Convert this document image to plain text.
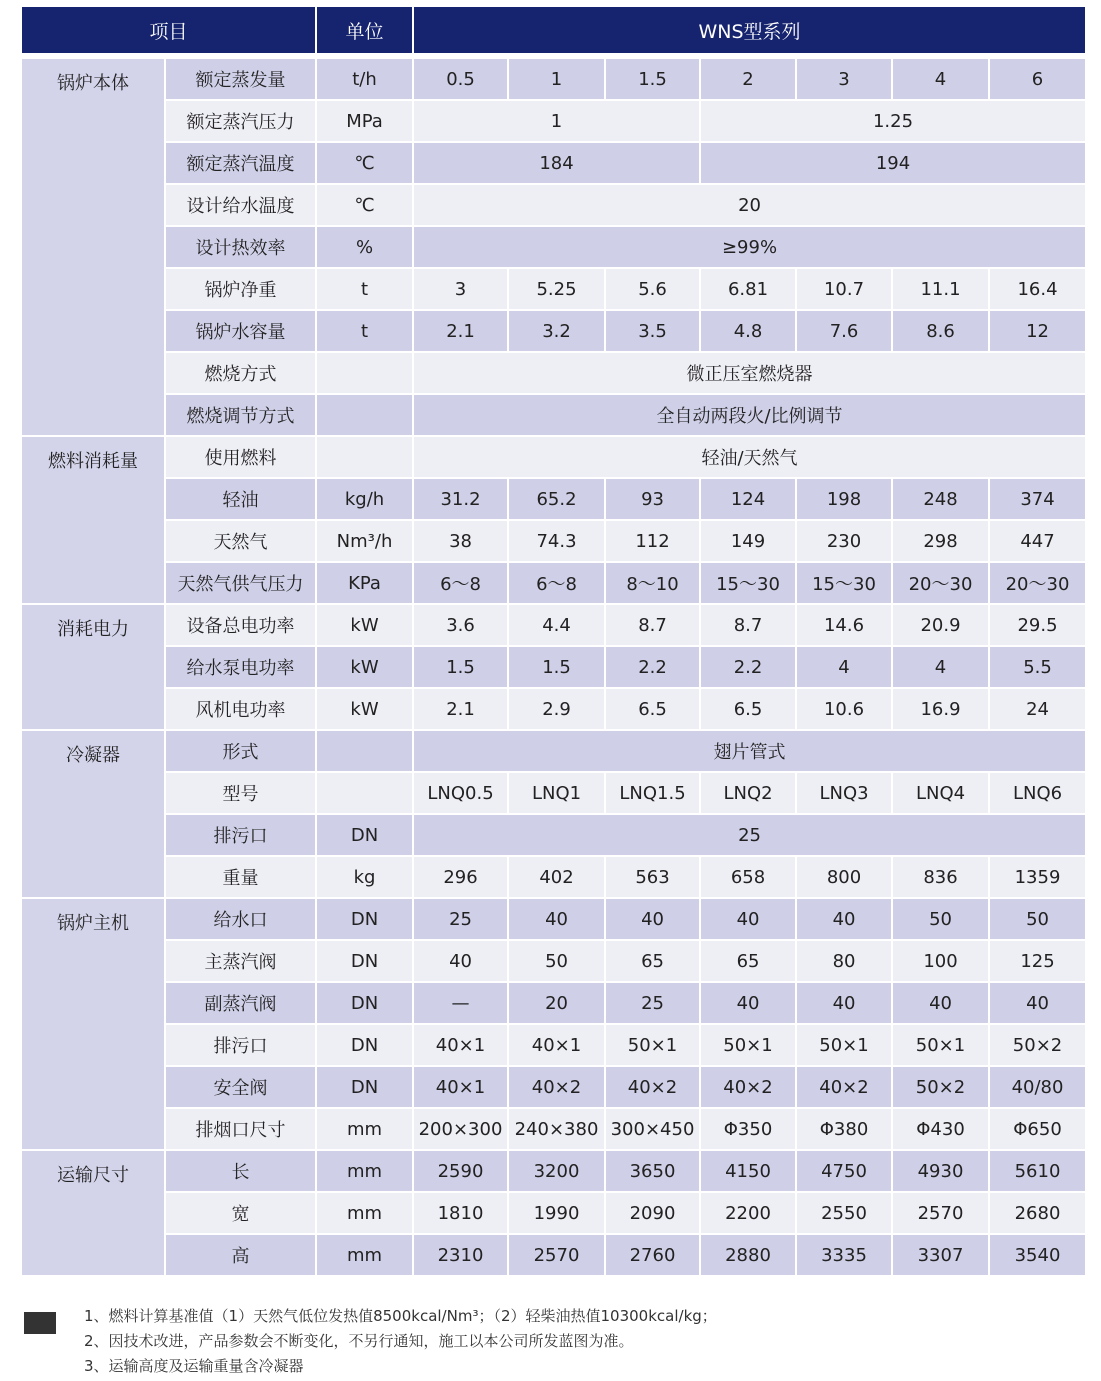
项目		单位	WNS型系列						
锅炉本体	额定蒸发量	t/h	0.5	1	1.5	2	3	4	6
	额定蒸汽压力	MPa	1			1.25			
	额定蒸汽温度	℃	184			194			
	设计给水温度	℃	20						
	设计热效率	%	≥99%						
	锅炉净重	t	3	5.25	5.6	6.81	10.7	11.1	16.4
	锅炉水容量	t	2.1	3.2	3.5	4.8	7.6	8.6	12
	燃烧方式		微正压室燃烧器						
	燃烧调节方式		全自动两段火/比例调节						
燃料消耗量	使用燃料		轻油/天然气						
	轻油	kg/h	31.2	65.2	93	124	198	248	374
	天然气	Nm³/h	38	74.3	112	149	230	298	447
	天然气供气压力	KPa	6～8	6～8	8～10	15～30	15～30	20～30	20～30
消耗电力	设备总电功率	kW	3.6	4.4	8.7	8.7	14.6	20.9	29.5
	给水泵电功率	kW	1.5	1.5	2.2	2.2	4	4	5.5
	风机电功率	kW	2.1	2.9	6.5	6.5	10.6	16.9	24
冷凝器	形式		翅片管式						
	型号		LNQ0.5	LNQ1	LNQ1.5	LNQ2	LNQ3	LNQ4	LNQ6
	排污口	DN	25						
	重量	kg	296	402	563	658	800	836	1359
锅炉主机	给水口	DN	25	40	40	40	40	50	50
	主蒸汽阀	DN	40	50	65	65	80	100	125
	副蒸汽阀	DN	—	20	25	40	40	40	40
	排污口	DN	40×1	40×1	50×1	50×1	50×1	50×1	50×2
	安全阀	DN	40×1	40×2	40×2	40×2	40×2	50×2	40/80
	排烟口尺寸	mm	200×300	240×380	300×450	Φ350	Φ380	Φ430	Φ650
运输尺寸	长	mm	2590	3200	3650	4150	4750	4930	5610
	宽	mm	1810	1990	2090	2200	2550	2570	2680
	高	mm	2310	2570	2760	2880	3335	3307	3540
1、燃料计算基准值（1）天然气低位发热值8500kcal/Nm³；（2）轻柴油热值10300kcal/kg；
2、因技术改进，产品参数会不断变化，不另行通知，施工以本公司所发蓝图为准。
3、运输高度及运输重量含冷凝器
